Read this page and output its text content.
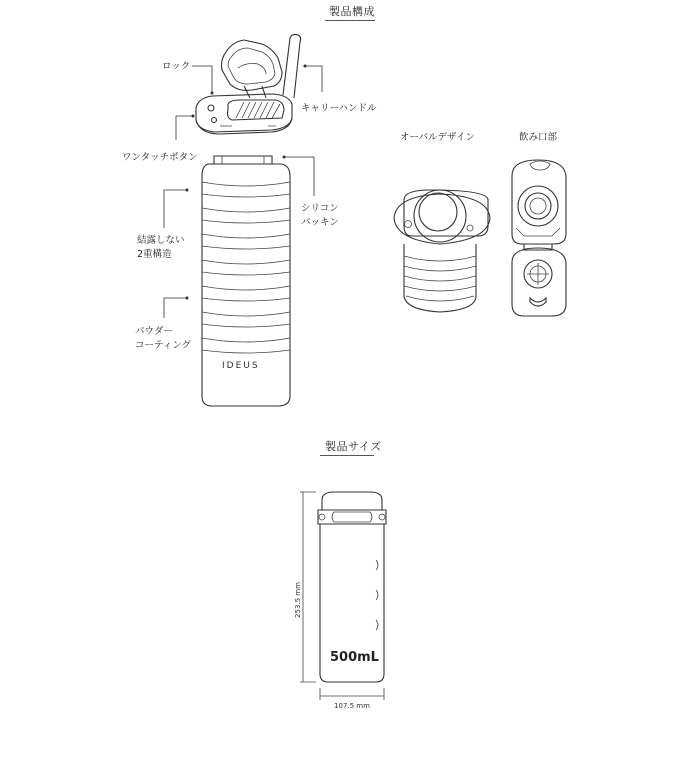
製品構成
製品サイズ
ロック
キャリーハンドル
ワンタッチボタン
シリコン
パッキン
結露しない
2重構造
パウダー
コーティング
オーバルデザイン	飲み口部
IDEUS
500mL
253.5 mm
107.5 mm
